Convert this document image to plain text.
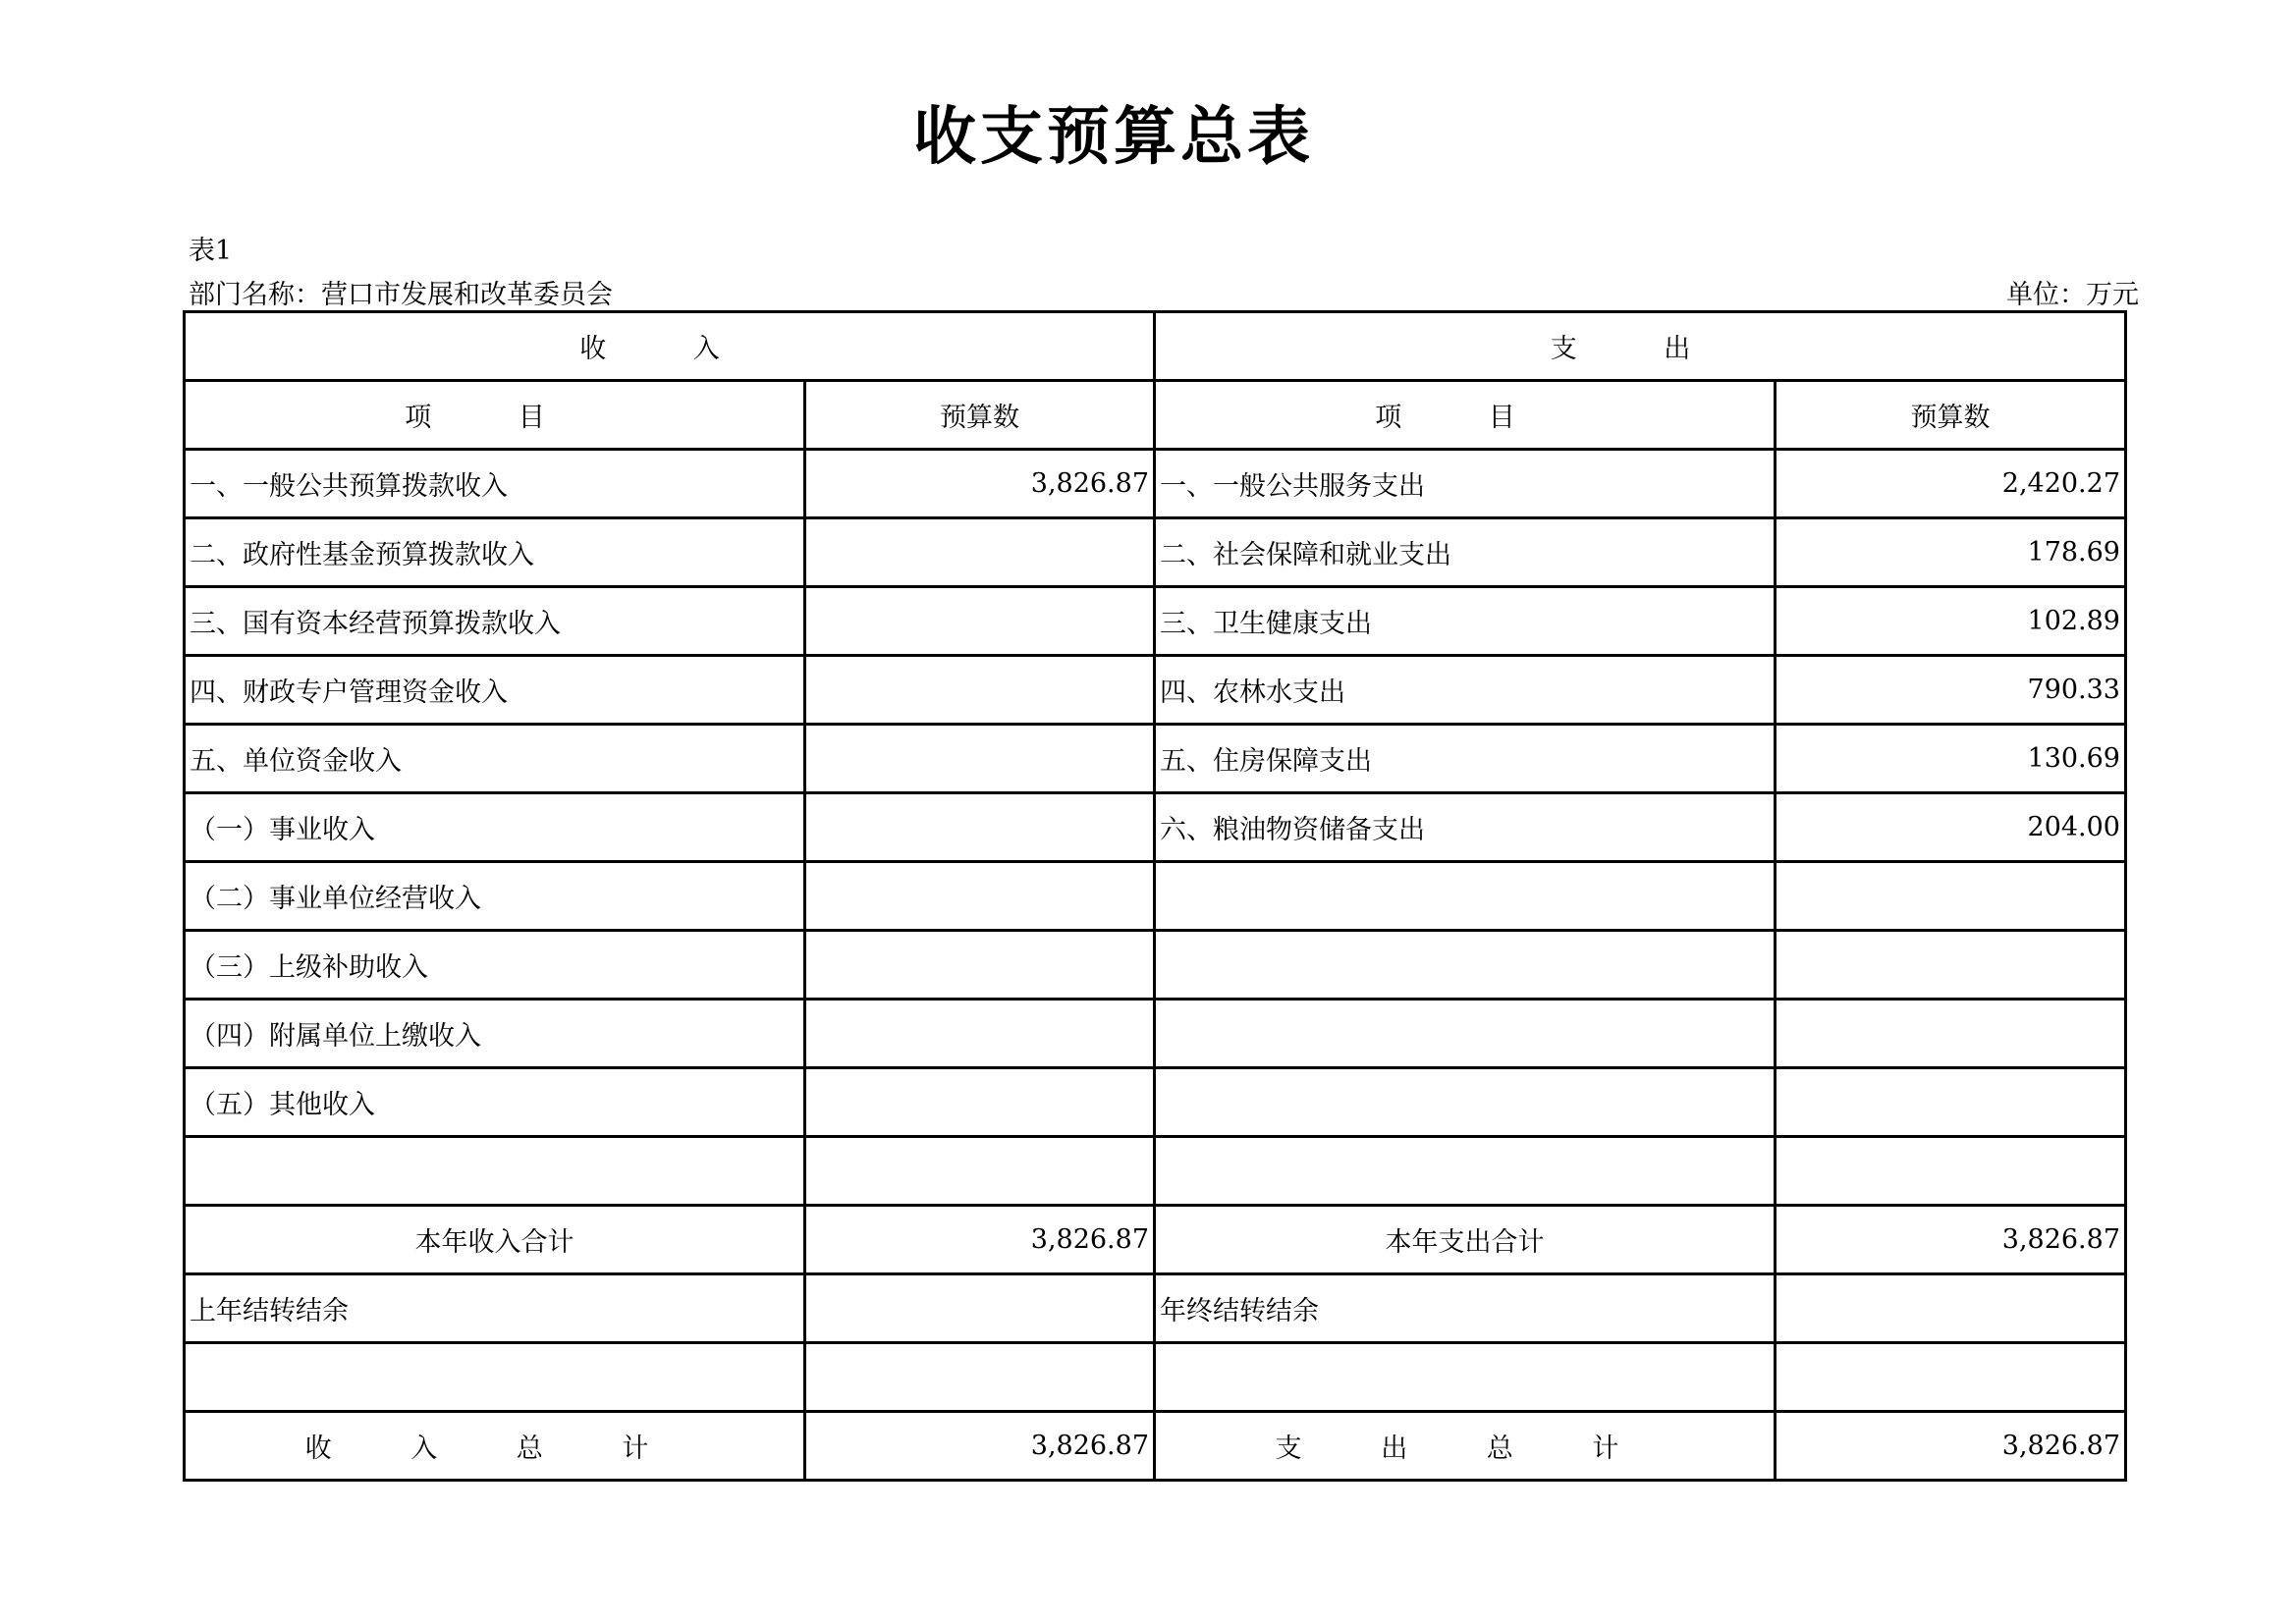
收支预算总表
表1
部门名称：营口市发展和改革委员会	单位：万元
收 入		支 出	
项 目	预算数	项 目	预算数
一、一般公共预算拨款收入	3,826.87	一、一般公共服务支出	2,420.27
二、政府性基金预算拨款收入		二、社会保障和就业支出	178.69
三、国有资本经营预算拨款收入		三、卫生健康支出	102.89
四、财政专户管理资金收入		四、农林水支出	790.33
五、单位资金收入		五、住房保障支出	130.69
（一）事业收入		六、粮油物资储备支出	204.00
（二）事业单位经营收入			
（三）上级补助收入			
（四）附属单位上缴收入			
（五）其他收入			

本年收入合计	3,826.87	本年支出合计	3,826.87
上年结转结余		年终结转结余	

收 入 总 计	3,826.87	支 出 总 计	3,826.87
